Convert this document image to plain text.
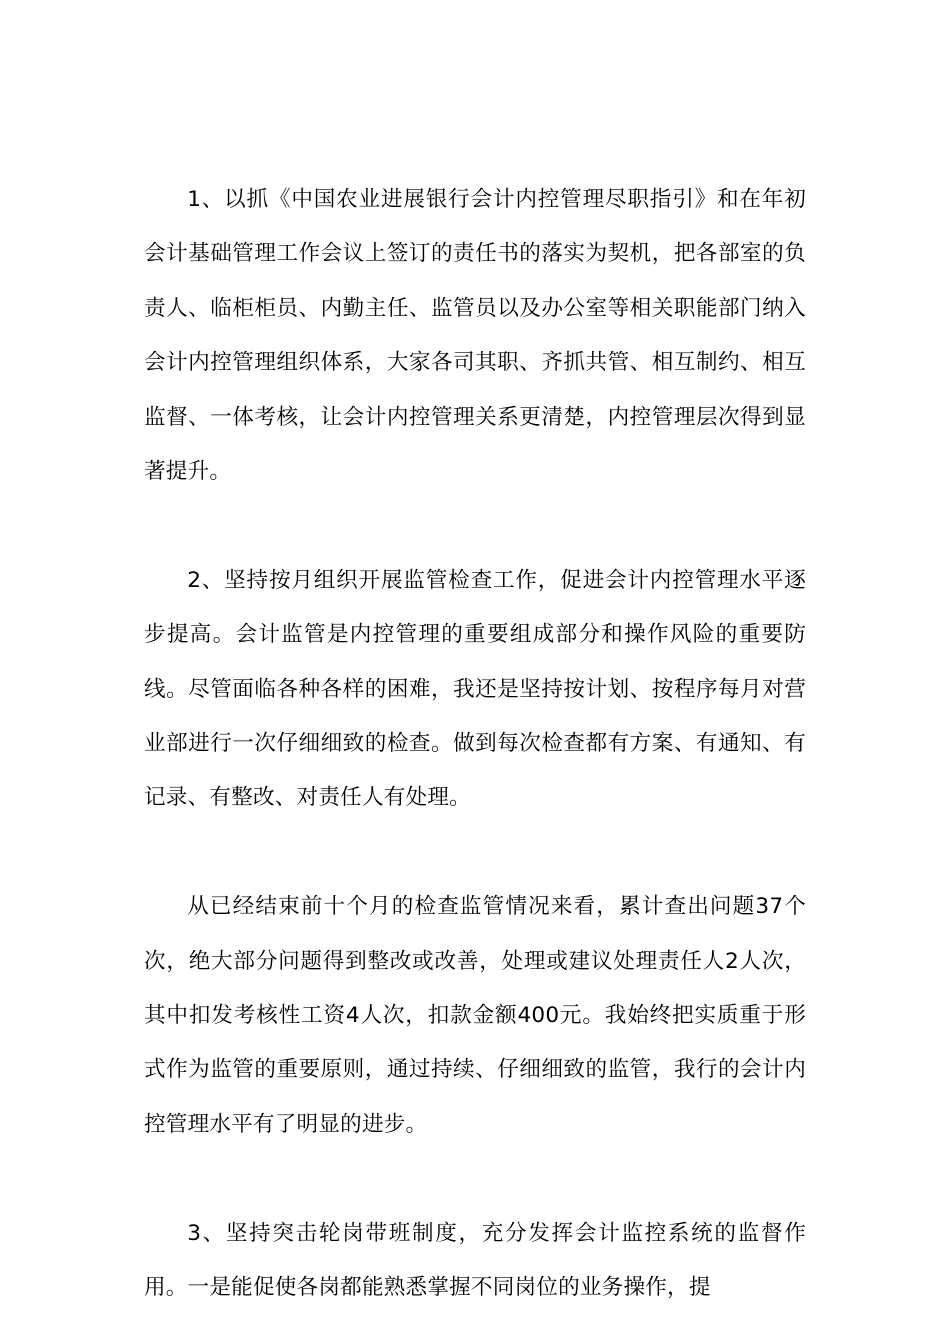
1、以抓《中国农业进展银行会计内控管理尽职指引》和在年初会计基础管理工作会议上签订的责任书的落实为契机，把各部室的负责人、临柜柜员、内勤主任、监管员以及办公室等相关职能部门纳入会计内控管理组织体系，大家各司其职、齐抓共管、相互制约、相互监督、一体考核，让会计内控管理关系更清楚，内控管理层次得到显著提升。

2、坚持按月组织开展监管检查工作，促进会计内控管理水平逐步提高。会计监管是内控管理的重要组成部分和操作风险的重要防线。尽管面临各种各样的困难，我还是坚持按计划、按程序每月对营业部进行一次仔细细致的检查。做到每次检查都有方案、有通知、有记录、有整改、对责任人有处理。

从已经结束前十个月的检查监管情况来看，累计查出问题37个次，绝大部分问题得到整改或改善，处理或建议处理责任人2人次，其中扣发考核性工资4人次，扣款金额400元。我始终把实质重于形式作为监管的重要原则，通过持续、仔细细致的监管，我行的会计内控管理水平有了明显的进步。

3、坚持突击轮岗带班制度，充分发挥会计监控系统的监督作用。一是能促使各岗都能熟悉掌握不同岗位的业务操作，提
